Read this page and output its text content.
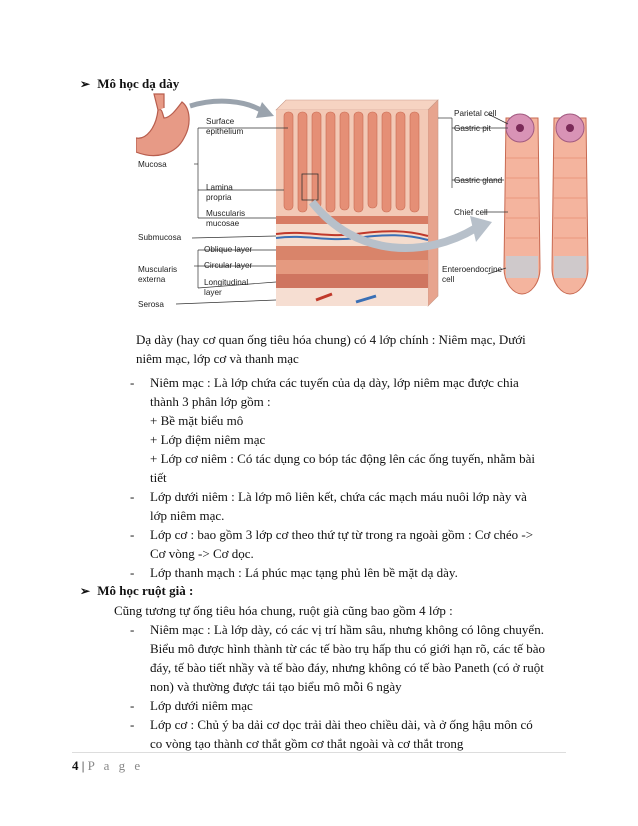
➢ Mô học dạ dày
Surface
epithelium
Mucosa
Lamina
propria
Muscularis
mucosae
Submucosa
Oblique layer
Circular layer
Muscularis
externa	Longitudinal
layer
Serosa
Parietal cell
Gastric pit
Gastric gland
Chief cell
Enteroendocrine
cell
Dạ dày (hay cơ quan ống tiêu hóa chung) có 4 lớp chính : Niêm mạc, Dưới
niêm mạc, lớp cơ và thanh mạc
- Niêm mạc : Là lớp chứa các tuyến của dạ dày, lớp niêm mạc được chia
thành 3 phân lớp gồm :
+ Bề mặt biểu mô
+ Lớp điệm niêm mạc
+ Lớp cơ niêm : Có tác dụng co bóp tác động lên các ống tuyến, nhằm bài
tiết
- Lớp dưới niêm : Là lớp mô liên kết, chứa các mạch máu nuôi lớp này và
lớp niêm mạc.
- Lớp cơ : bao gồm 3 lớp cơ theo thứ tự từ trong ra ngoài gồm : Cơ chéo ->
Cơ vòng -> Cơ dọc.
- Lớp thanh mạch : Lá phúc mạc tạng phủ lên bề mặt dạ dày.
➢ Mô học ruột già :
Cũng tương tự ống tiêu hóa chung, ruột già cũng bao gồm 4 lớp :
- Niêm mạc : Là lớp dày, có các vị trí hầm sâu, nhưng không có lông chuyển.
Biểu mô được hình thành từ các tế bào trụ hấp thu có giới hạn rõ, các tế bào
đáy, tế bào tiết nhầy và tế bào đáy, nhưng không có tế bào Paneth (có ở ruột
non) và thường được tái tạo biểu mô mỗi 6 ngày
- Lớp dưới niêm mạc
- Lớp cơ : Chủ ý ba dải cơ dọc trải dài theo chiều dài, và ở ống hậu môn có
co vòng tạo thành cơ thắt gồm cơ thắt ngoài và cơ thắt trong
4 | P a g e
